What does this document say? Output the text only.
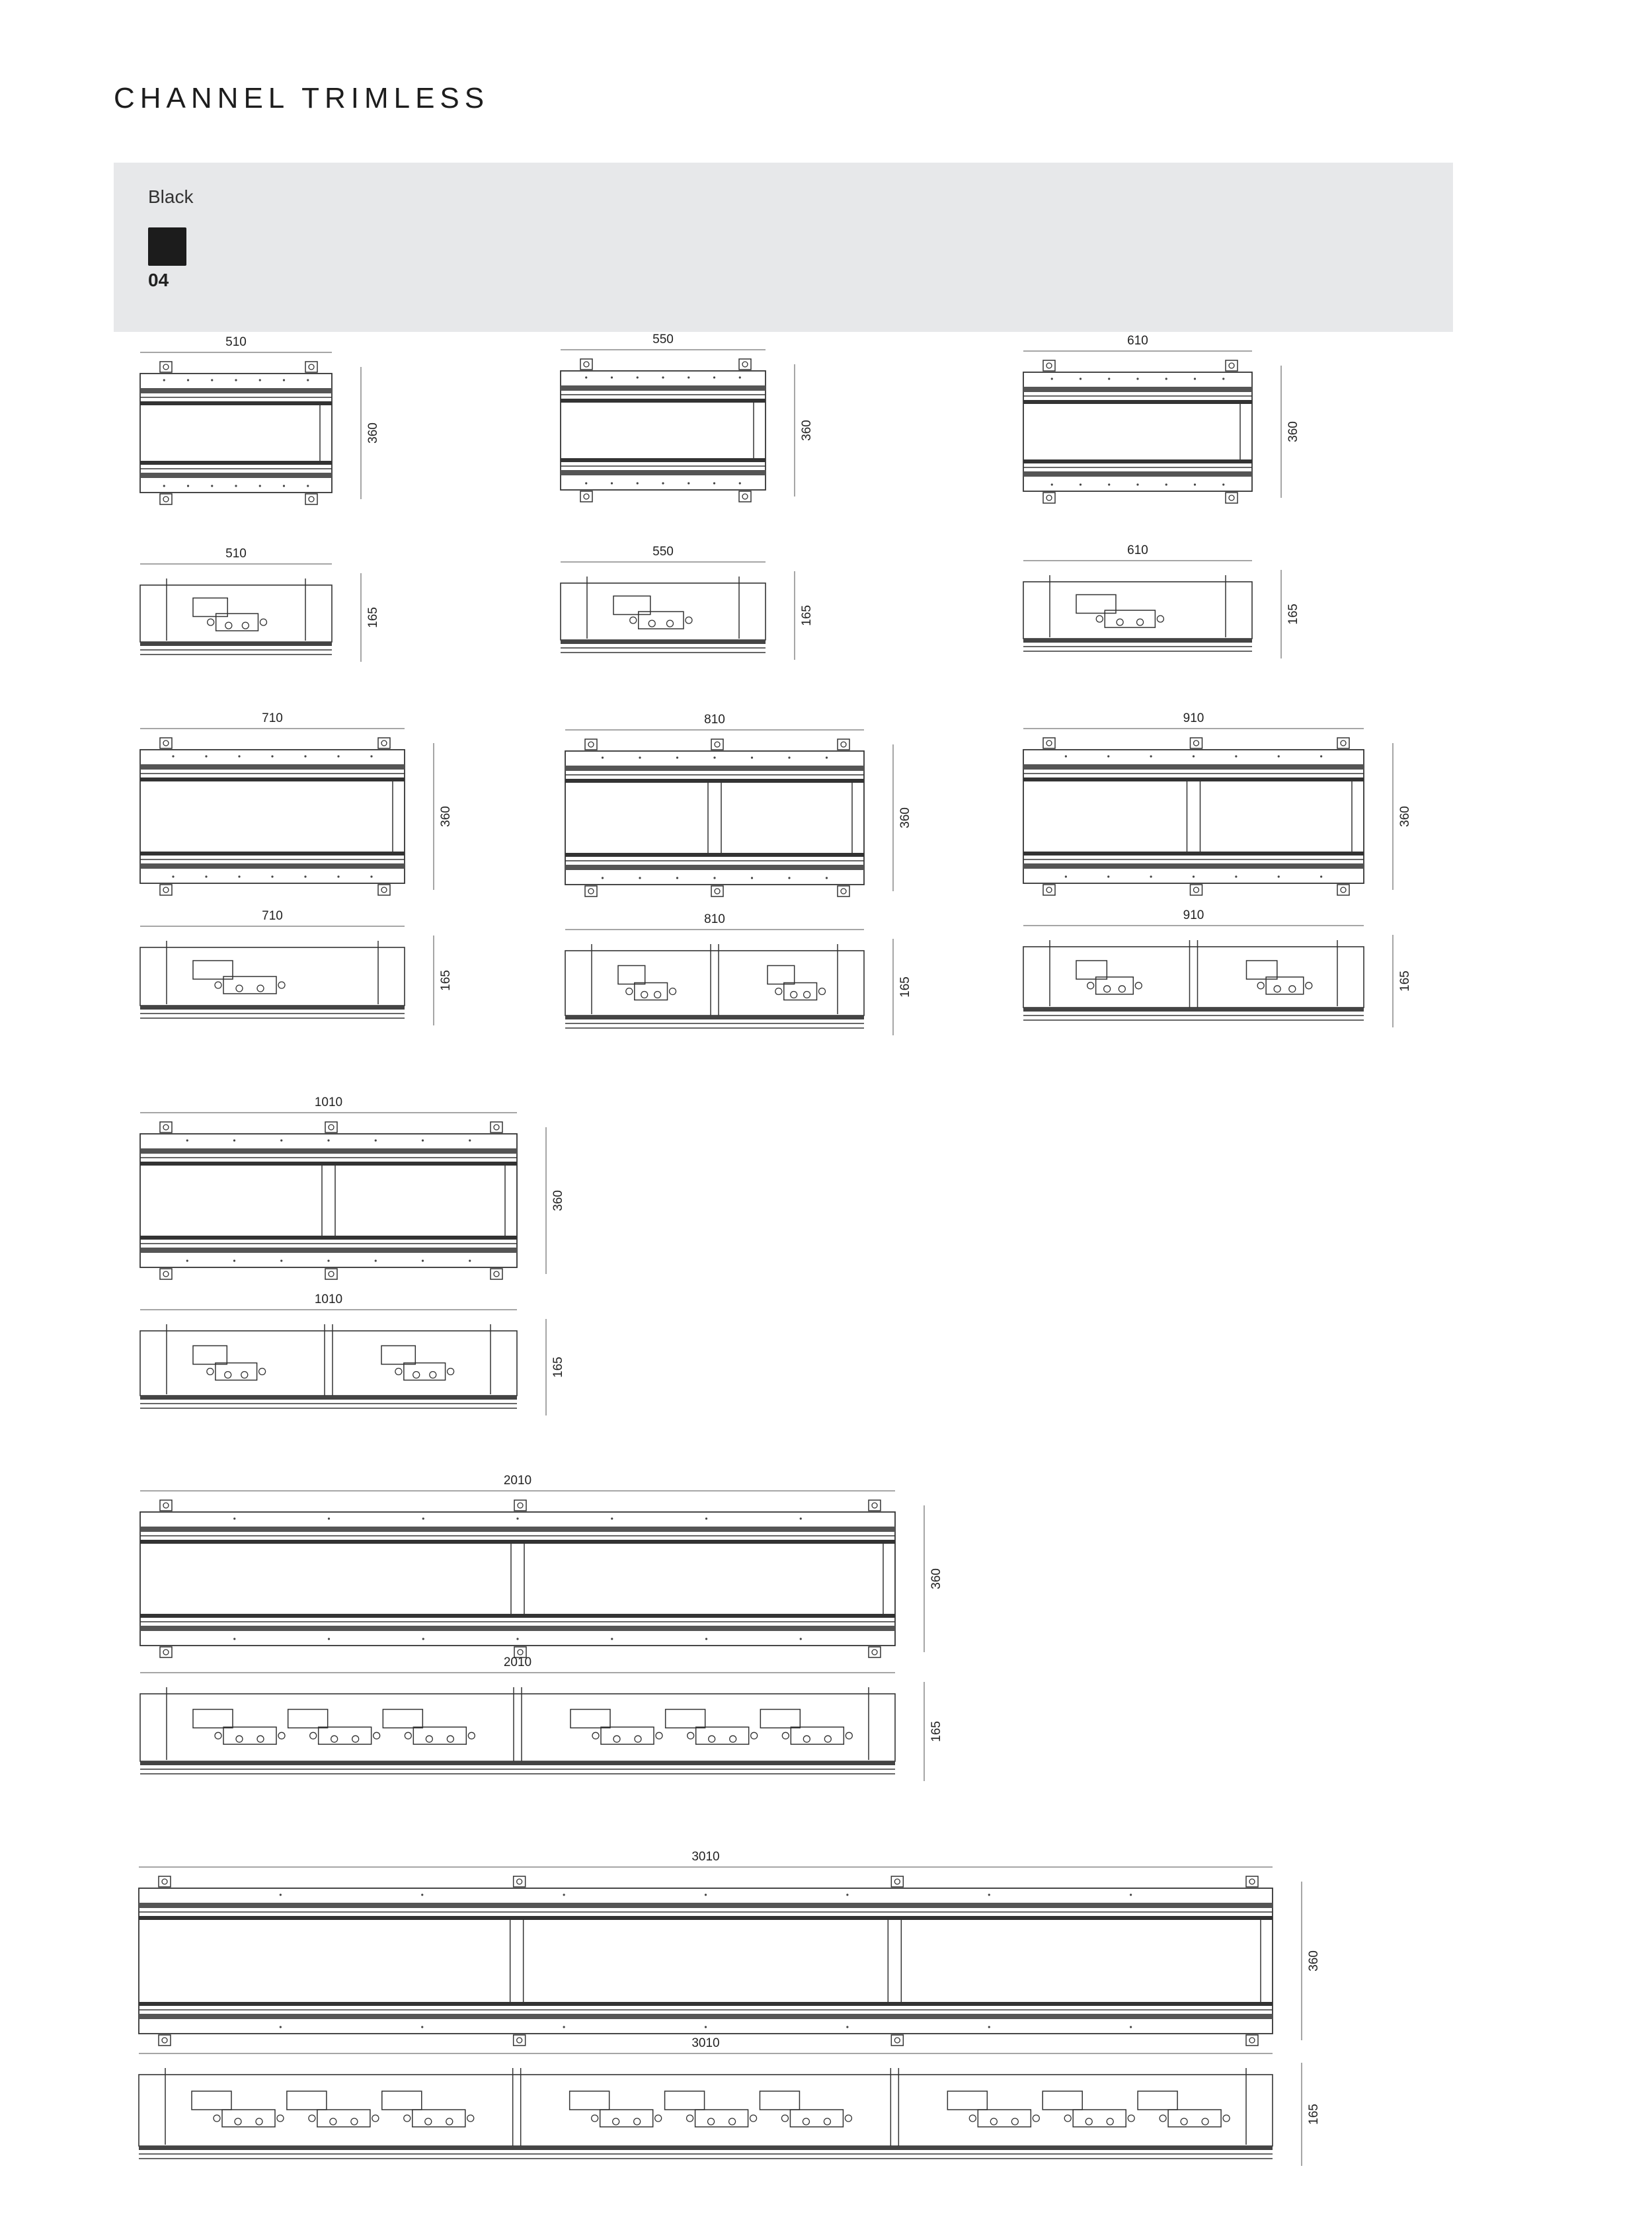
CHANNEL TRIMLESS
Black
04
510
360
510
165
550
360
550
165
610
360
610
165
710
360
710
165
810
360
810
165
910
360
910
165
1010
360
1010
165
2010
360
2010
165
3010
360
3010
165
